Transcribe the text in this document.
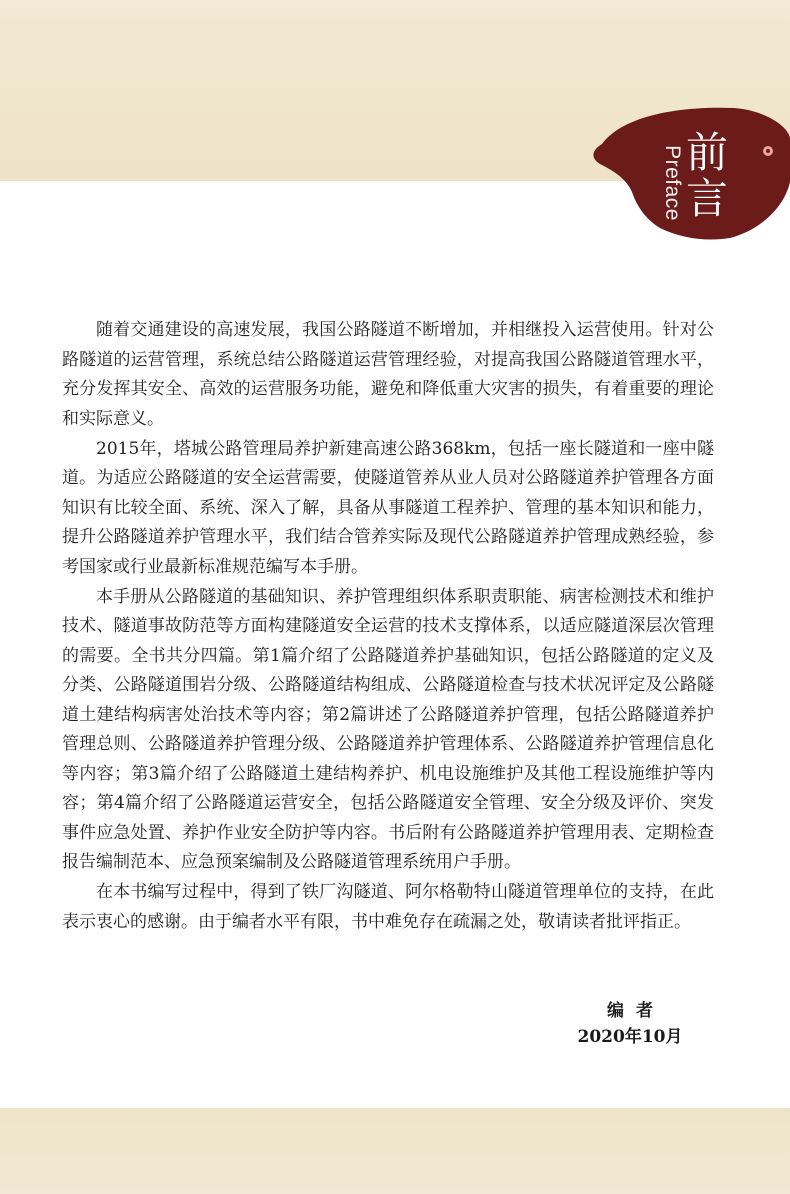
前言
Preface

随着交通建设的高速发展，我国公路隧道不断增加，并相继投入运营使用。针对公路隧道的运营管理，系统总结公路隧道运营管理经验，对提高我国公路隧道管理水平，充分发挥其安全、高效的运营服务功能，避免和降低重大灾害的损失，有着重要的理论和实际意义。

2015年，塔城公路管理局养护新建高速公路368km，包括一座长隧道和一座中隧道。为适应公路隧道的安全运营需要，使隧道管养从业人员对公路隧道养护管理各方面知识有比较全面、系统、深入了解，具备从事隧道工程养护、管理的基本知识和能力，提升公路隧道养护管理水平，我们结合管养实际及现代公路隧道养护管理成熟经验，参考国家或行业最新标准规范编写本手册。

本手册从公路隧道的基础知识、养护管理组织体系职责职能、病害检测技术和维护技术、隧道事故防范等方面构建隧道安全运营的技术支撑体系，以适应隧道深层次管理的需要。全书共分四篇。第1篇介绍了公路隧道养护基础知识，包括公路隧道的定义及分类、公路隧道围岩分级、公路隧道结构组成、公路隧道检查与技术状况评定及公路隧道土建结构病害处治技术等内容；第2篇讲述了公路隧道养护管理，包括公路隧道养护管理总则、公路隧道养护管理分级、公路隧道养护管理体系、公路隧道养护管理信息化等内容；第3篇介绍了公路隧道土建结构养护、机电设施维护及其他工程设施维护等内容；第4篇介绍了公路隧道运营安全，包括公路隧道安全管理、安全分级及评价、突发事件应急处置、养护作业安全防护等内容。书后附有公路隧道养护管理用表、定期检查报告编制范本、应急预案编制及公路隧道管理系统用户手册。

在本书编写过程中，得到了铁厂沟隧道、阿尔格勒特山隧道管理单位的支持，在此表示衷心的感谢。由于编者水平有限，书中难免存在疏漏之处，敬请读者批评指正。

编者
2020年10月
